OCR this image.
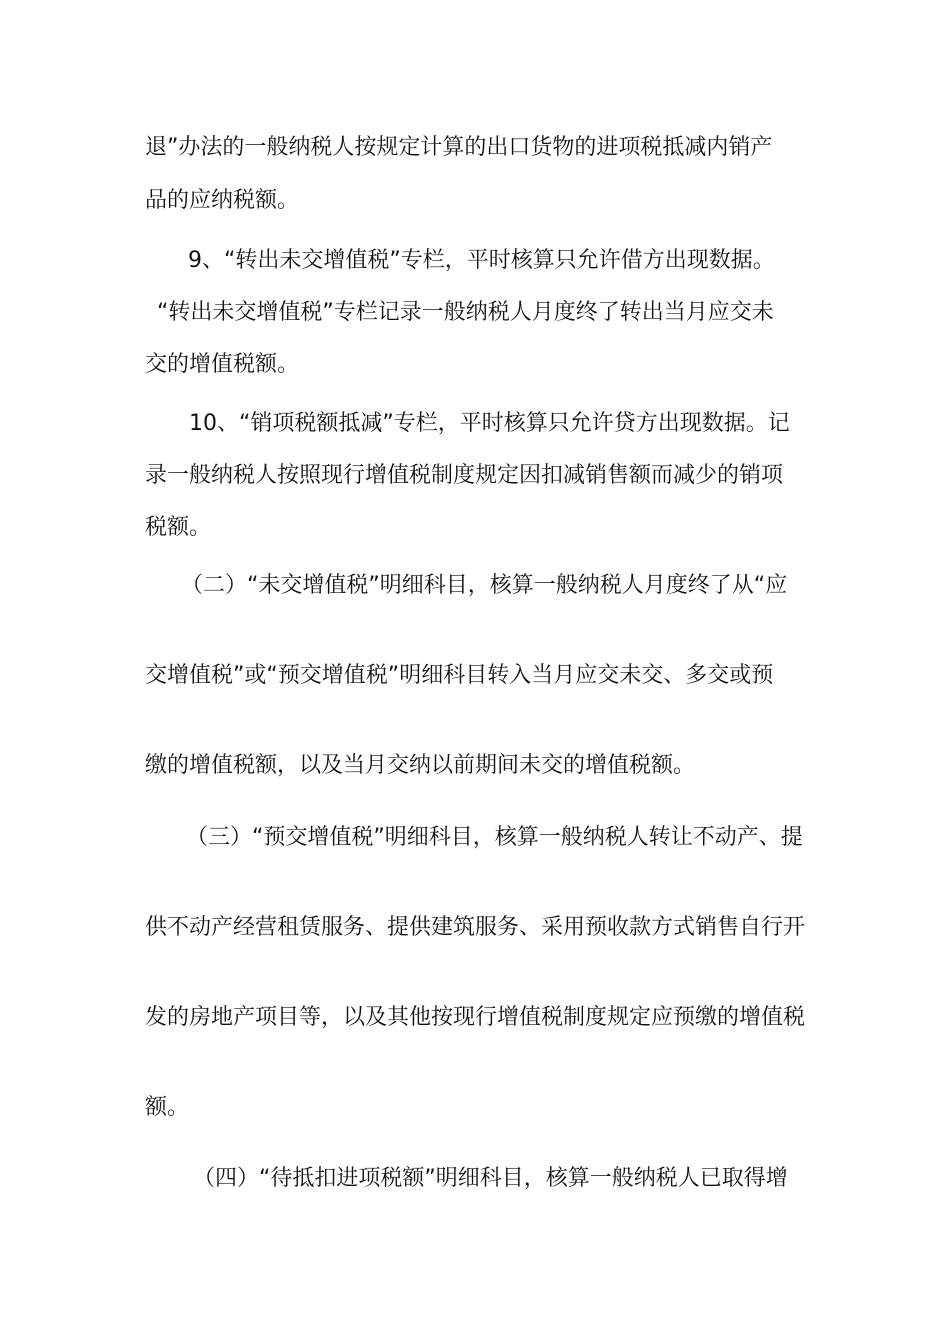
退”办法的一般纳税人按规定计算的出口货物的进项税抵减内销产
品的应纳税额。
9、“转出未交增值税”专栏，平时核算只允许借方出现数据。
“转出未交增值税”专栏记录一般纳税人月度终了转出当月应交未
交的增值税额。
10、“销项税额抵减”专栏，平时核算只允许贷方出现数据。记
录一般纳税人按照现行增值税制度规定因扣减销售额而减少的销项
税额。
（二）“未交增值税”明细科目，核算一般纳税人月度终了从“应
交增值税”或“预交增值税”明细科目转入当月应交未交、多交或预
缴的增值税额，以及当月交纳以前期间未交的增值税额。
（三）“预交增值税”明细科目，核算一般纳税人转让不动产、提
供不动产经营租赁服务、提供建筑服务、采用预收款方式销售自行开
发的房地产项目等，以及其他按现行增值税制度规定应预缴的增值税
额。
（四）“待抵扣进项税额”明细科目，核算一般纳税人已取得增
